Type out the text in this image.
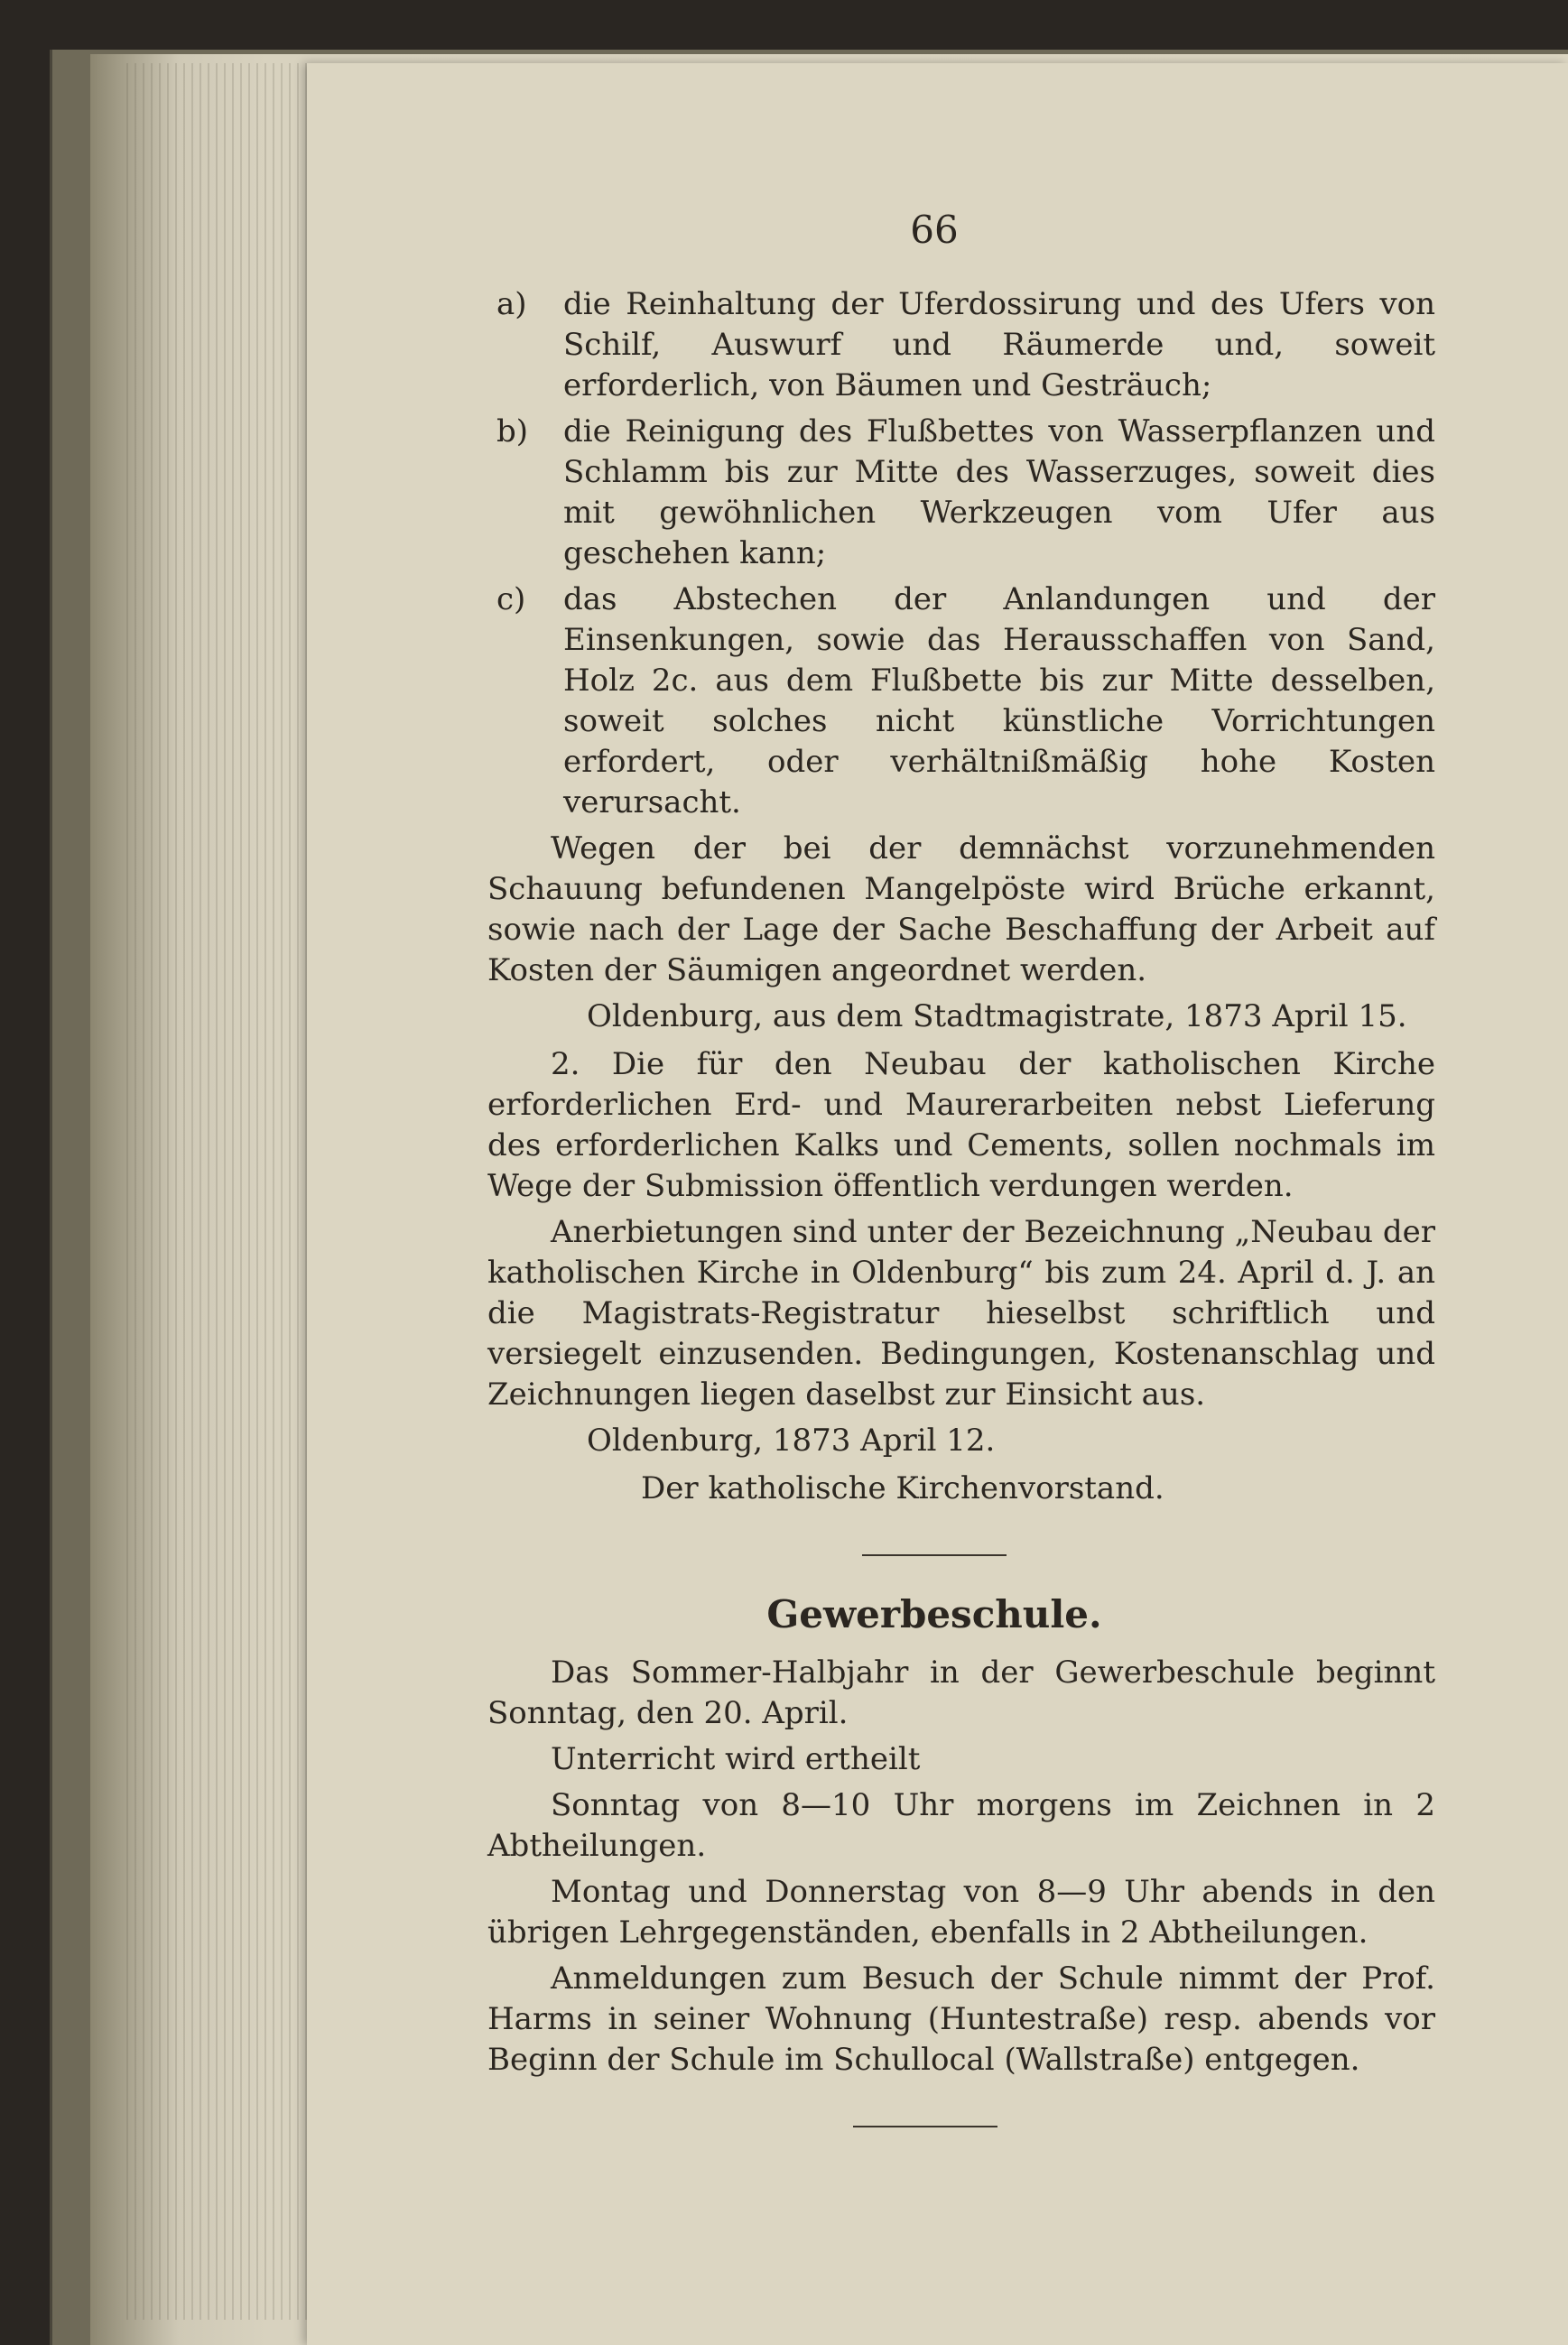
66
a)	die Reinhaltung der Uferdossirung und des Ufers von Schilf, Auswurf und Räumerde und, soweit erforderlich, von Bäumen und Gesträuch;
b)	die Reinigung des Flußbettes von Wasserpflanzen und Schlamm bis zur Mitte des Wasserzuges, soweit dies mit gewöhnlichen Werkzeugen vom Ufer aus geschehen kann;
c)	das Abstechen der Anlandungen und der Einsenkungen, sowie das Herausschaffen von Sand, Holz 2c. aus dem Flußbette bis zur Mitte desselben, soweit solches nicht künstliche Vorrichtungen erfordert, oder verhältnißmäßig hohe Kosten verursacht.

Wegen der bei der demnächst vorzunehmenden Schauung befundenen Mangelpöste wird Brüche erkannt, sowie nach der Lage der Sache Beschaffung der Arbeit auf Kosten der Säumigen angeordnet werden.

Oldenburg, aus dem Stadtmagistrate, 1873 April 15.

2. Die für den Neubau der katholischen Kirche erforderlichen Erd- und Maurerarbeiten nebst Lieferung des erforderlichen Kalks und Cements, sollen nochmals im Wege der Submission öffentlich verdungen werden.

Anerbietungen sind unter der Bezeichnung „Neubau der katholischen Kirche in Oldenburg“ bis zum 24. April d. J. an die Magistrats-Registratur hieselbst schriftlich und versiegelt einzusenden. Bedingungen, Kostenanschlag und Zeichnungen liegen daselbst zur Einsicht aus.

Oldenburg, 1873 April 12.
Der katholische Kirchenvorstand.
Gewerbeschule.

Das Sommer-Halbjahr in der Gewerbeschule beginnt Sonntag, den 20. April.

Unterricht wird ertheilt

Sonntag von 8—10 Uhr morgens im Zeichnen in 2 Abtheilungen.

Montag und Donnerstag von 8—9 Uhr abends in den übrigen Lehrgegenständen, ebenfalls in 2 Abtheilungen.

Anmeldungen zum Besuch der Schule nimmt der Prof. Harms in seiner Wohnung (Huntestraße) resp. abends vor Beginn der Schule im Schullocal (Wallstraße) entgegen.
